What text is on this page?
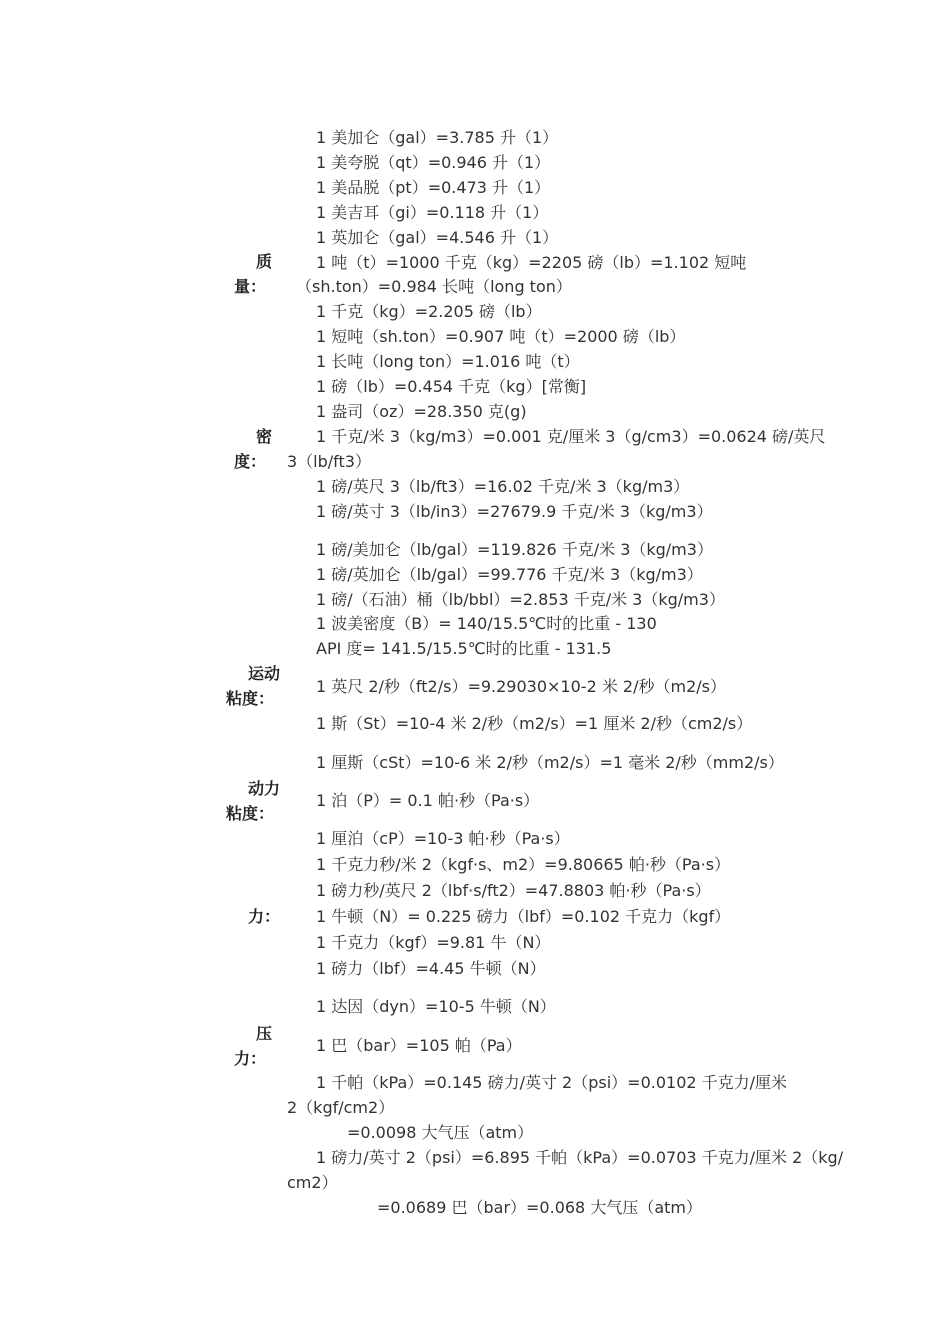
质
量：
密
度：
运动
粘度：
动力
粘度：
力：
压
力：
1 美加仑（gal）=3.785 升（1）
1 美夸脱（qt）=0.946 升（1）
1 美品脱（pt）=0.473 升（1）
1 美吉耳（gi）=0.118 升（1）
1 英加仑（gal）=4.546 升（1）
1 吨（t）=1000 千克（kg）=2205 磅（lb）=1.102 短吨
（sh.ton）=0.984 长吨（long ton）
1 千克（kg）=2.205 磅（lb）
1 短吨（sh.ton）=0.907 吨（t）=2000 磅（lb）
1 长吨（long ton）=1.016 吨（t）
1 磅（lb）=0.454 千克（kg）[常衡]
1 盎司（oz）=28.350 克(g)
1 千克/米 3（kg/m3）=0.001 克/厘米 3（g/cm3）=0.0624 磅/英尺
3（lb/ft3）
1 磅/英尺 3（lb/ft3）=16.02 千克/米 3（kg/m3）
1 磅/英寸 3（lb/in3）=27679.9 千克/米 3（kg/m3）
1 磅/美加仑（lb/gal）=119.826 千克/米 3（kg/m3）
1 磅/英加仑（lb/gal）=99.776 千克/米 3（kg/m3）
1 磅/（石油）桶（lb/bbl）=2.853 千克/米 3（kg/m3）
1 波美密度（B）= 140/15.5℃时的比重 - 130
API 度= 141.5/15.5℃时的比重 - 131.5
1 英尺 2/秒（ft2/s）=9.29030×10-2 米 2/秒（m2/s）
1 斯（St）=10-4 米 2/秒（m2/s）=1 厘米 2/秒（cm2/s）
1 厘斯（cSt）=10-6 米 2/秒（m2/s）=1 毫米 2/秒（mm2/s）
1 泊（P）= 0.1 帕·秒（Pa·s）
1 厘泊（cP）=10-3 帕·秒（Pa·s）
1 千克力秒/米 2（kgf·s、m2）=9.80665 帕·秒（Pa·s）
1 磅力秒/英尺 2（lbf·s/ft2）=47.8803 帕·秒（Pa·s）
1 牛顿（N）= 0.225 磅力（lbf）=0.102 千克力（kgf）
1 千克力（kgf）=9.81 牛（N）
1 磅力（lbf）=4.45 牛顿（N）
1 达因（dyn）=10-5 牛顿（N）
1 巴（bar）=105 帕（Pa）
1 千帕（kPa）=0.145 磅力/英寸 2（psi）=0.0102 千克力/厘米
2（kgf/cm2）
=0.0098 大气压（atm）
1 磅力/英寸 2（psi）=6.895 千帕（kPa）=0.0703 千克力/厘米 2（kg/
cm2）
=0.0689 巴（bar）=0.068 大气压（atm）
